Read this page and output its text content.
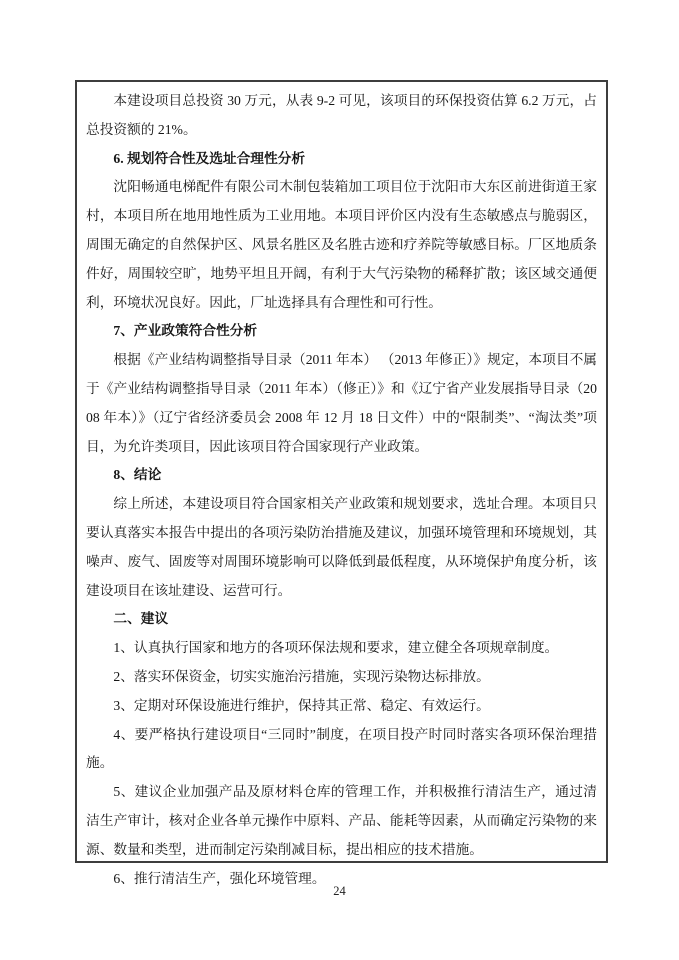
本建设项目总投资 30 万元，从表 9-2 可见，该项目的环保投资估算 6.2 万元，占总投资额的 21%。

6. 规划符合性及选址合理性分析

沈阳畅通电梯配件有限公司木制包装箱加工项目位于沈阳市大东区前进街道王家村，本项目所在地用地性质为工业用地。本项目评价区内没有生态敏感点与脆弱区，周围无确定的自然保护区、风景名胜区及名胜古迹和疗养院等敏感目标。厂区地质条件好，周围较空旷，地势平坦且开阔，有利于大气污染物的稀释扩散；该区域交通便利，环境状况良好。因此，厂址选择具有合理性和可行性。

7、产业政策符合性分析

根据《产业结构调整指导目录（2011 年本） （2013 年修正）》规定，本项目不属于《产业结构调整指导目录（2011 年本）（修正）》和《辽宁省产业发展指导目录（2008 年本）》（辽宁省经济委员会 2008 年 12 月 18 日文件）中的“限制类”、“淘汰类”项目，为允许类项目，因此该项目符合国家现行产业政策。

8、结论

综上所述，本建设项目符合国家相关产业政策和规划要求，选址合理。本项目只要认真落实本报告中提出的各项污染防治措施及建议，加强环境管理和环境规划，其噪声、废气、固废等对周围环境影响可以降低到最低程度，从环境保护角度分析，该建设项目在该址建设、运营可行。

二、建议

1、认真执行国家和地方的各项环保法规和要求，建立健全各项规章制度。

2、落实环保资金，切实实施治污措施，实现污染物达标排放。

3、定期对环保设施进行维护，保持其正常、稳定、有效运行。

4、要严格执行建设项目“三同时”制度，在项目投产时同时落实各项环保治理措施。

5、建议企业加强产品及原材料仓库的管理工作，并积极推行清洁生产，通过清洁生产审计，核对企业各单元操作中原料、产品、能耗等因素，从而确定污染物的来源、数量和类型，进而制定污染削减目标，提出相应的技术措施。

6、推行清洁生产，强化环境管理。

24
